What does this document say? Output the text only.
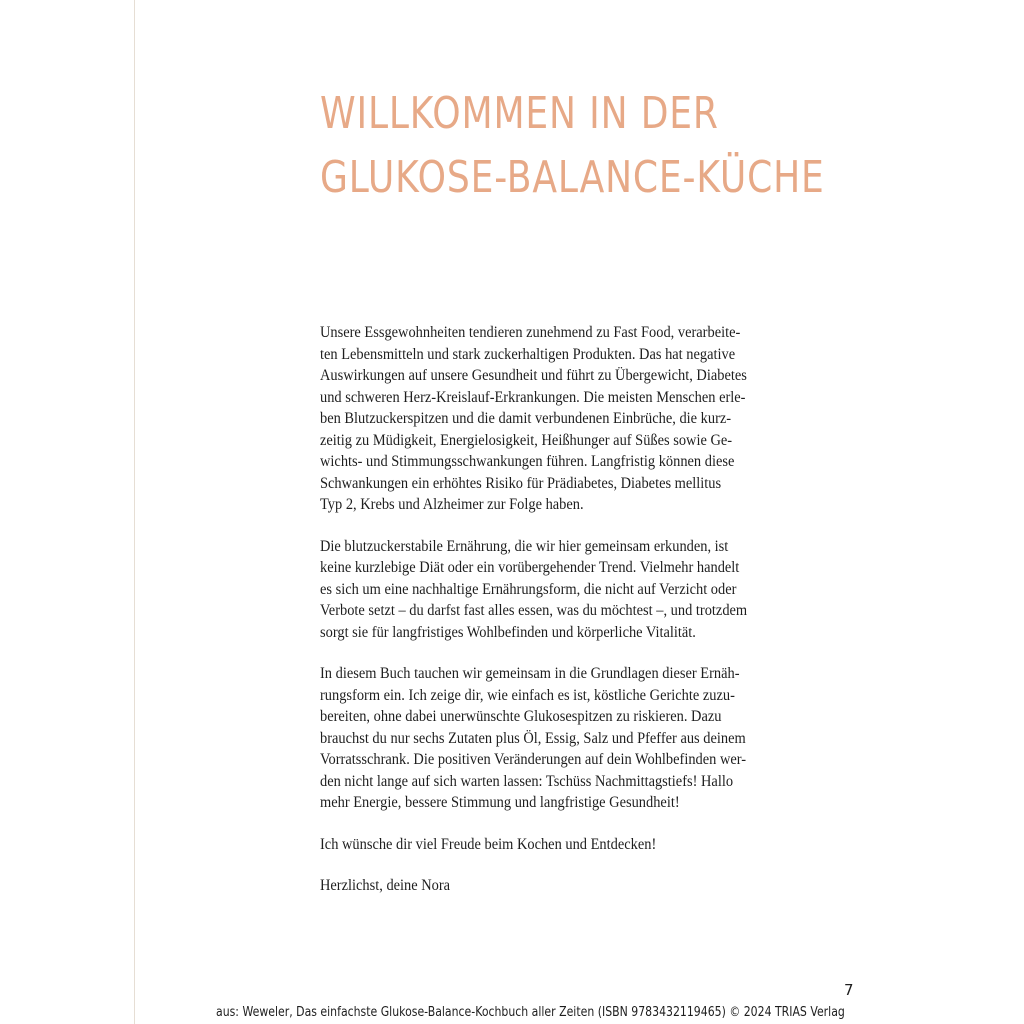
WILLKOMMEN IN DER
GLUKOSE-BALANCE-KÜCHE

Unsere Essgewohnheiten tendieren zunehmend zu Fast Food, verarbeite-
ten Lebensmitteln und stark zuckerhaltigen Produkten. Das hat negative
Auswirkungen auf unsere Gesundheit und führt zu Übergewicht, Diabetes
und schweren Herz-Kreislauf-Erkrankungen. Die meisten Menschen erle-
ben Blutzuckerspitzen und die damit verbundenen Einbrüche, die kurz-
zeitig zu Müdigkeit, Energielosigkeit, Heißhunger auf Süßes sowie Ge-
wichts- und Stimmungsschwankungen führen. Langfristig können diese
Schwankungen ein erhöhtes Risiko für Prädiabetes, Diabetes mellitus
Typ 2, Krebs und Alzheimer zur Folge haben.

Die blutzuckerstabile Ernährung, die wir hier gemeinsam erkunden, ist
keine kurzlebige Diät oder ein vorübergehender Trend. Vielmehr handelt
es sich um eine nachhaltige Ernährungsform, die nicht auf Verzicht oder
Verbote setzt – du darfst fast alles essen, was du möchtest –, und trotzdem
sorgt sie für langfristiges Wohlbefinden und körperliche Vitalität.

In diesem Buch tauchen wir gemeinsam in die Grundlagen dieser Ernäh-
rungsform ein. Ich zeige dir, wie einfach es ist, köstliche Gerichte zuzu-
bereiten, ohne dabei unerwünschte Glukosespitzen zu riskieren. Dazu
brauchst du nur sechs Zutaten plus Öl, Essig, Salz und Pfeffer aus deinem
Vorratsschrank. Die positiven Veränderungen auf dein Wohlbefinden wer-
den nicht lange auf sich warten lassen: Tschüss Nachmittagstiefs! Hallo
mehr Energie, bessere Stimmung und langfristige Gesundheit!

Ich wünsche dir viel Freude beim Kochen und Entdecken!

Herzlichst, deine Nora

7
aus: Weweler, Das einfachste Glukose-Balance-Kochbuch aller Zeiten (ISBN 9783432119465) © 2024 TRIAS Verlag
